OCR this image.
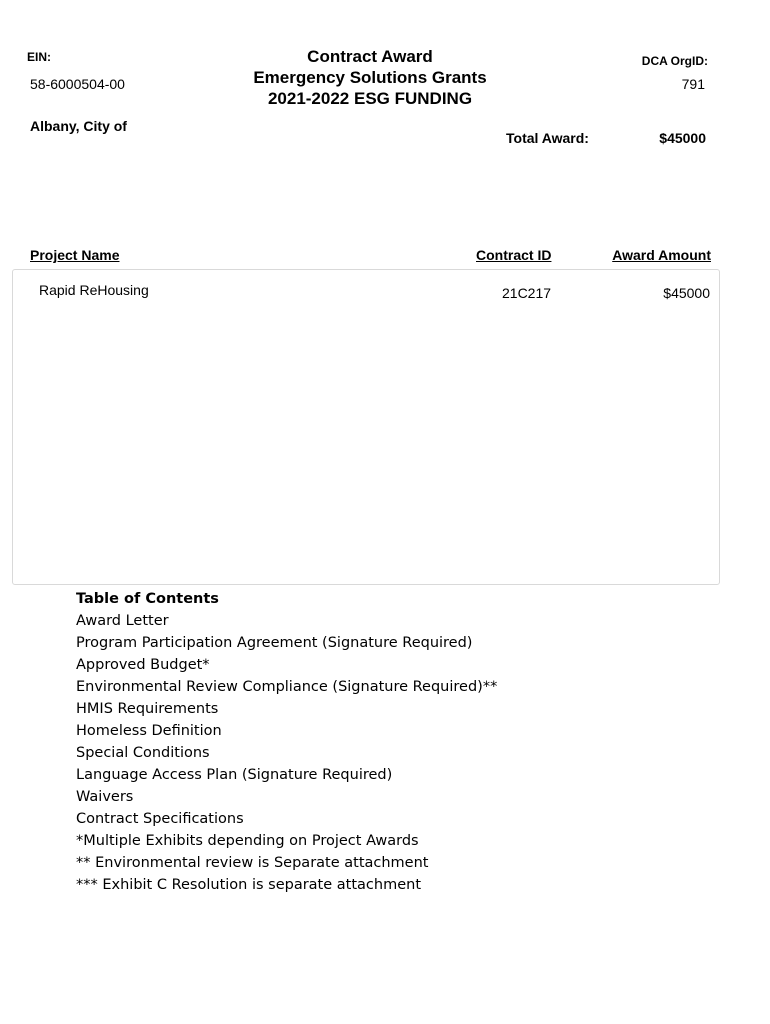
EIN:
58-6000504-00
Albany, City of
Contract Award
Emergency Solutions Grants
2021-2022 ESG FUNDING
DCA OrgID:
791
Total Award:	$45000
Project Name	Contract ID	Award Amount
Rapid ReHousing	21C217	$45000
Table of Contents
Award Letter
Program Participation Agreement (Signature Required)
Approved Budget*
Environmental Review Compliance (Signature Required)**
HMIS Requirements
Homeless Definition
Special Conditions
Language Access Plan (Signature Required)
Waivers
Contract Specifications
*Multiple Exhibits depending on Project Awards
** Environmental review is Separate attachment
*** Exhibit C Resolution is separate attachment
